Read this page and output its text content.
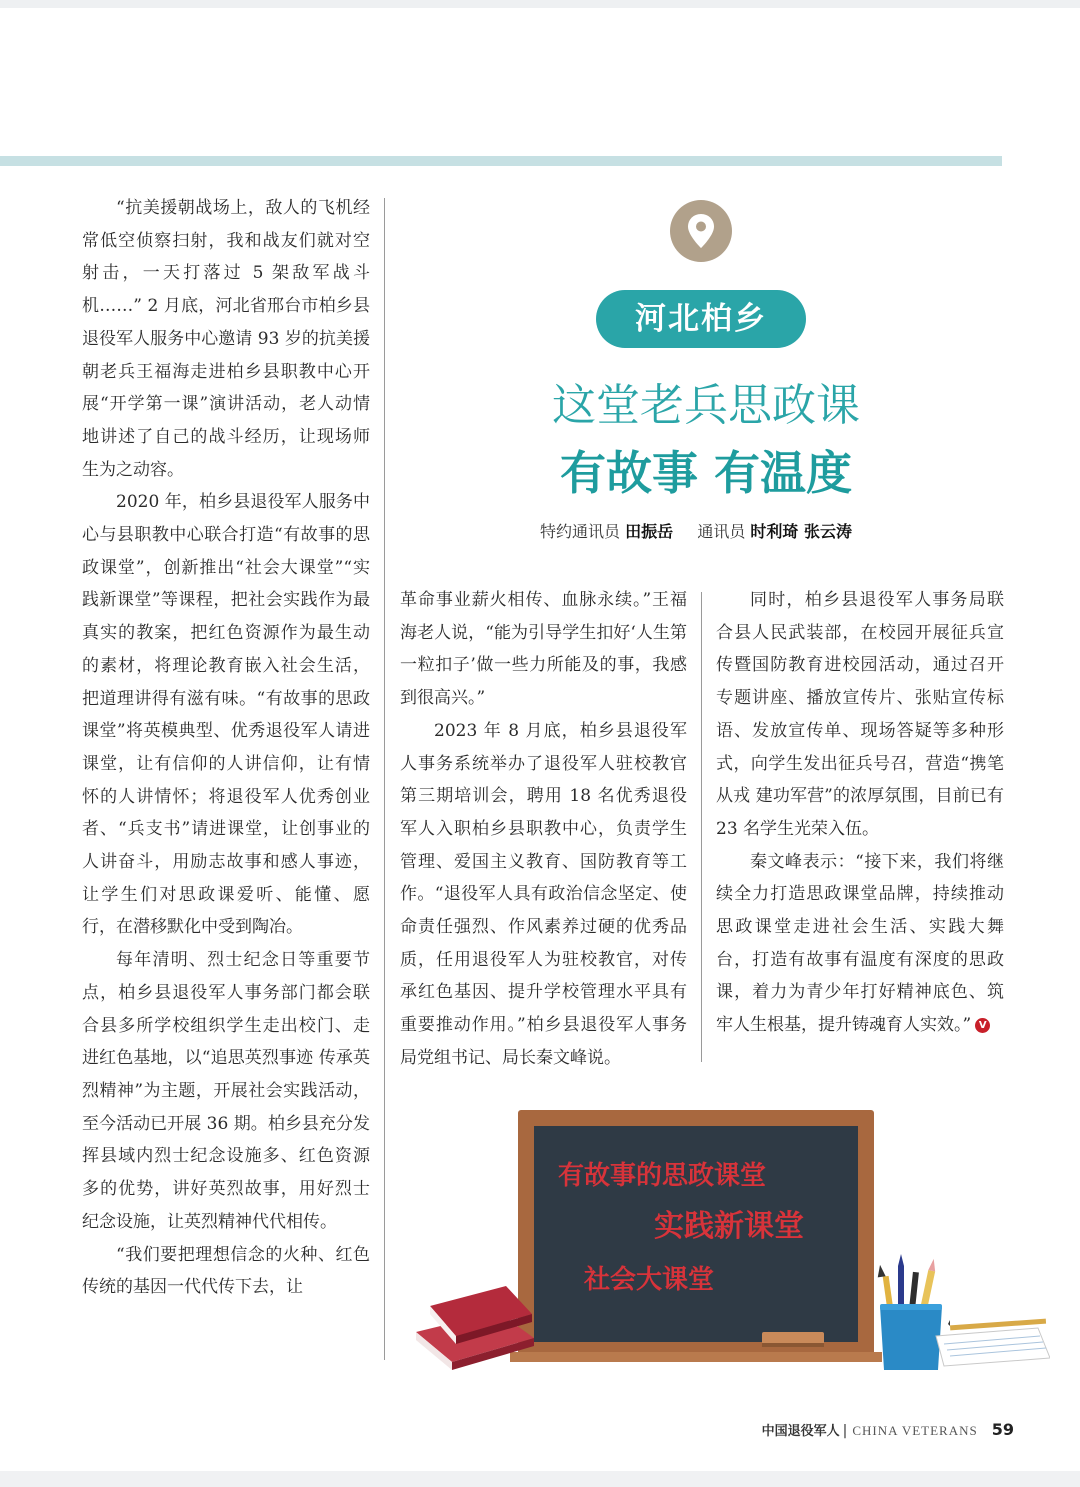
“抗美援朝战场上，敌人的飞机经常低空侦察扫射，我和战友们就对空射击，一天打落过 5 架敌军战斗机……” 2 月底，河北省邢台市柏乡县退役军人服务中心邀请 93 岁的抗美援朝老兵王福海走进柏乡县职教中心开展“开学第一课”演讲活动，老人动情地讲述了自己的战斗经历，让现场师生为之动容。

2020 年，柏乡县退役军人服务中心与县职教中心联合打造“有故事的思政课堂”，创新推出“社会大课堂”“实践新课堂”等课程，把社会实践作为最真实的教案，把红色资源作为最生动的素材，将理论教育嵌入社会生活，把道理讲得有滋有味。“有故事的思政课堂”将英模典型、优秀退役军人请进课堂，让有信仰的人讲信仰，让有情怀的人讲情怀；将退役军人优秀创业者、“兵支书”请进课堂，让创事业的人讲奋斗，用励志故事和感人事迹，让学生们对思政课爱听、能懂、愿行，在潜移默化中受到陶冶。

每年清明、烈士纪念日等重要节点，柏乡县退役军人事务部门都会联合县多所学校组织学生走出校门、走进红色基地，以“追思英烈事迹 传承英烈精神”为主题，开展社会实践活动，至今活动已开展 36 期。柏乡县充分发挥县域内烈士纪念设施多、红色资源多的优势，讲好英烈故事，用好烈士纪念设施，让英烈精神代代相传。

“我们要把理想信念的火种、红色传统的基因一代代传下去，让

河北柏乡
这堂老兵思政课
有故事 有温度
特约通讯员 田振岳 通讯员 时利琦 张云涛

革命事业薪火相传、血脉永续。”王福海老人说，“能为引导学生扣好‘人生第一粒扣子’做一些力所能及的事，我感到很高兴。”

2023 年 8 月底，柏乡县退役军人事务系统举办了退役军人驻校教官第三期培训会，聘用 18 名优秀退役军人入职柏乡县职教中心，负责学生管理、爱国主义教育、国防教育等工作。“退役军人具有政治信念坚定、使命责任强烈、作风素养过硬的优秀品质，任用退役军人为驻校教官，对传承红色基因、提升学校管理水平具有重要推动作用。”柏乡县退役军人事务局党组书记、局长秦文峰说。

同时，柏乡县退役军人事务局联合县人民武装部，在校园开展征兵宣传暨国防教育进校园活动，通过召开专题讲座、播放宣传片、张贴宣传标语、发放宣传单、现场答疑等多种形式，向学生发出征兵号召，营造“携笔从戎 建功军营”的浓厚氛围，目前已有 23 名学生光荣入伍。

秦文峰表示：“接下来，我们将继续全力打造思政课堂品牌，持续推动思政课堂走进社会生活、实践大舞台，打造有故事有温度有深度的思政课，着力为青少年打好精神底色、筑牢人生根基，提升铸魂育人实效。” V

有故事的思政课堂
实践新课堂
社会大课堂
中国退役军人 | CHINA VETERANS 59
